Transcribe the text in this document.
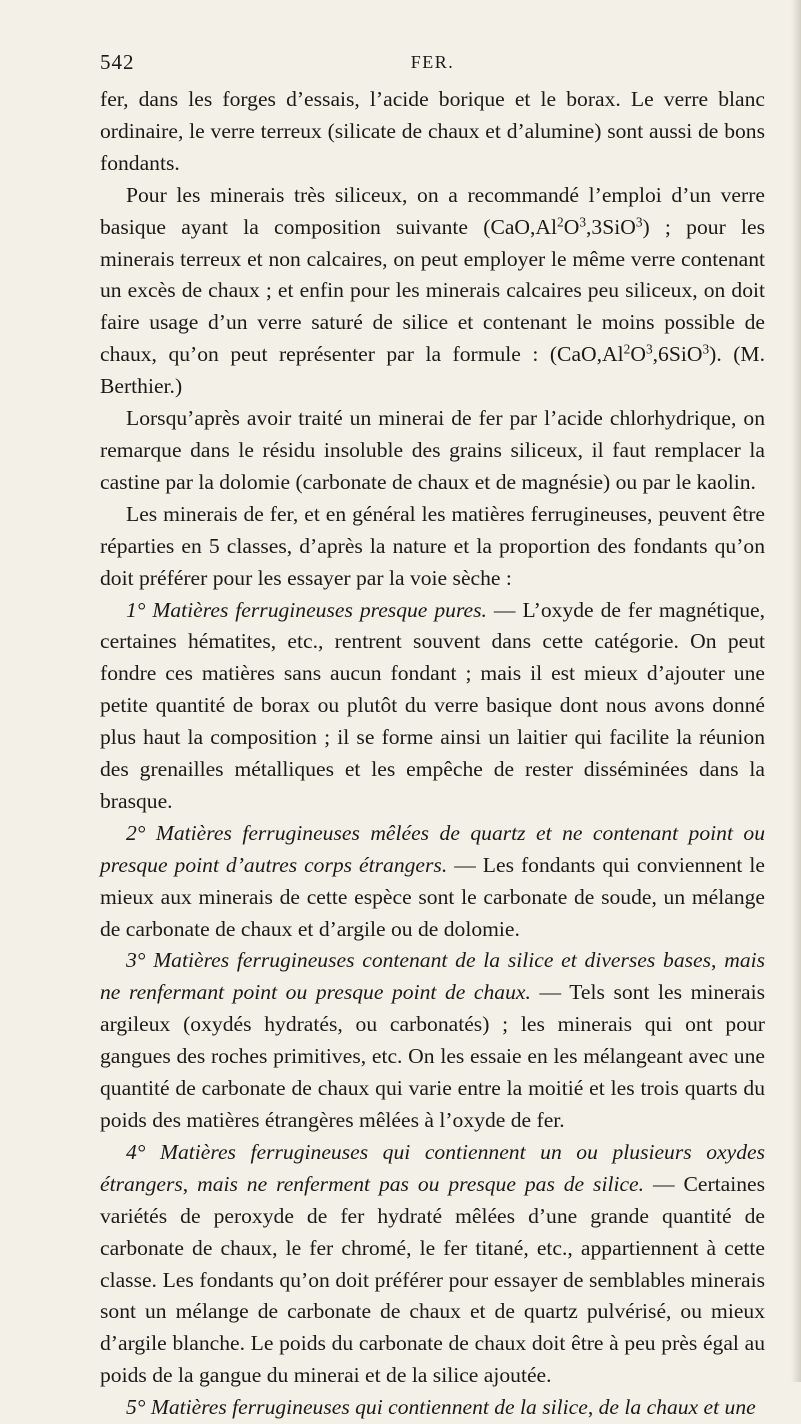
542	FER.

fer, dans les forges d’essais, l’acide borique et le borax. Le verre blanc ordinaire, le verre terreux (silicate de chaux et d’alumine) sont aussi de bons fondants.

Pour les minerais très siliceux, on a recommandé l’emploi d’un verre basique ayant la composition suivante $(CaO,Al^2O^3,3SiO^3)$ ; pour les minerais terreux et non calcaires, on peut employer le même verre contenant un excès de chaux ; et enfin pour les minerais calcaires peu siliceux, on doit faire usage d’un verre saturé de silice et contenant le moins possible de chaux, qu’on peut représenter par la formule : $(CaO,Al^2O^3,6SiO^3)$. (M. Berthier.)

Lorsqu’après avoir traité un minerai de fer par l’acide chlorhydrique, on remarque dans le résidu insoluble des grains siliceux, il faut remplacer la castine par la dolomie (carbonate de chaux et de magnésie) ou par le kaolin.

Les minerais de fer, et en général les matières ferrugineuses, peuvent être réparties en 5 classes, d’après la nature et la proportion des fondants qu’on doit préférer pour les essayer par la voie sèche :

1° Matières ferrugineuses presque pures. — L’oxyde de fer magnétique, certaines hématites, etc., rentrent souvent dans cette catégorie. On peut fondre ces matières sans aucun fondant ; mais il est mieux d’ajouter une petite quantité de borax ou plutôt du verre basique dont nous avons donné plus haut la composition ; il se forme ainsi un laitier qui facilite la réunion des grenailles métalliques et les empêche de rester disséminées dans la brasque.

2° Matières ferrugineuses mêlées de quartz et ne contenant point ou presque point d’autres corps étrangers. — Les fondants qui conviennent le mieux aux minerais de cette espèce sont le carbonate de soude, un mélange de carbonate de chaux et d’argile ou de dolomie.

3° Matières ferrugineuses contenant de la silice et diverses bases, mais ne renfermant point ou presque point de chaux. — Tels sont les minerais argileux (oxydés hydratés, ou carbonatés) ; les minerais qui ont pour gangues des roches primitives, etc. On les essaie en les mélangeant avec une quantité de carbonate de chaux qui varie entre la moitié et les trois quarts du poids des matières étrangères mêlées à l’oxyde de fer.

4° Matières ferrugineuses qui contiennent un ou plusieurs oxydes étrangers, mais ne renferment pas ou presque pas de silice. — Certaines variétés de peroxyde de fer hydraté mêlées d’une grande quantité de carbonate de chaux, le fer chromé, le fer titané, etc., appartiennent à cette classe. Les fondants qu’on doit préférer pour essayer de semblables minerais sont un mélange de carbonate de chaux et de quartz pulvérisé, ou mieux d’argile blanche. Le poids du carbonate de chaux doit être à peu près égal au poids de la gangue du minerai et de la silice ajoutée.

5° Matières ferrugineuses qui contiennent de la silice, de la chaux et une
